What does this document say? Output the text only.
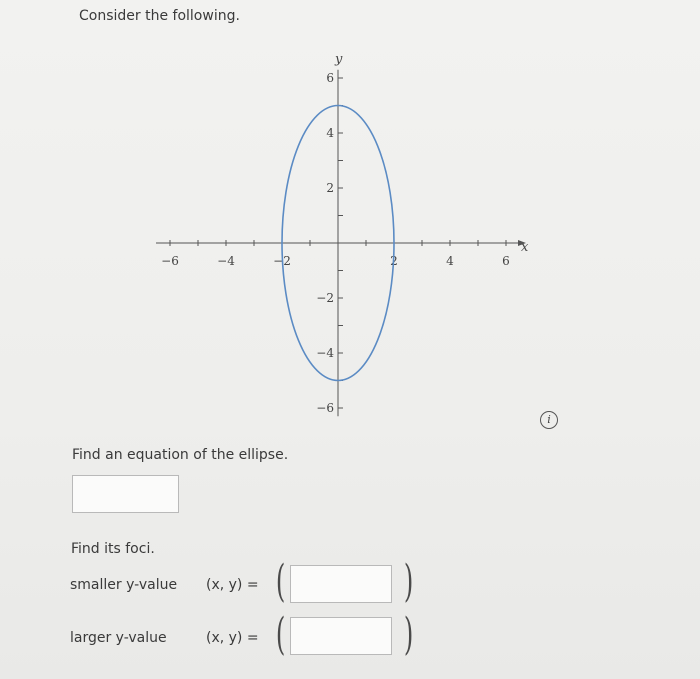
Consider the following.
−6	−4	−2	2	4	6
6
4
2
−2
−4
−6
x
y
i
Find an equation of the ellipse.
Find its foci.
smaller y-value (x, y) = (	)
larger y-value	(x, y) = (	)
